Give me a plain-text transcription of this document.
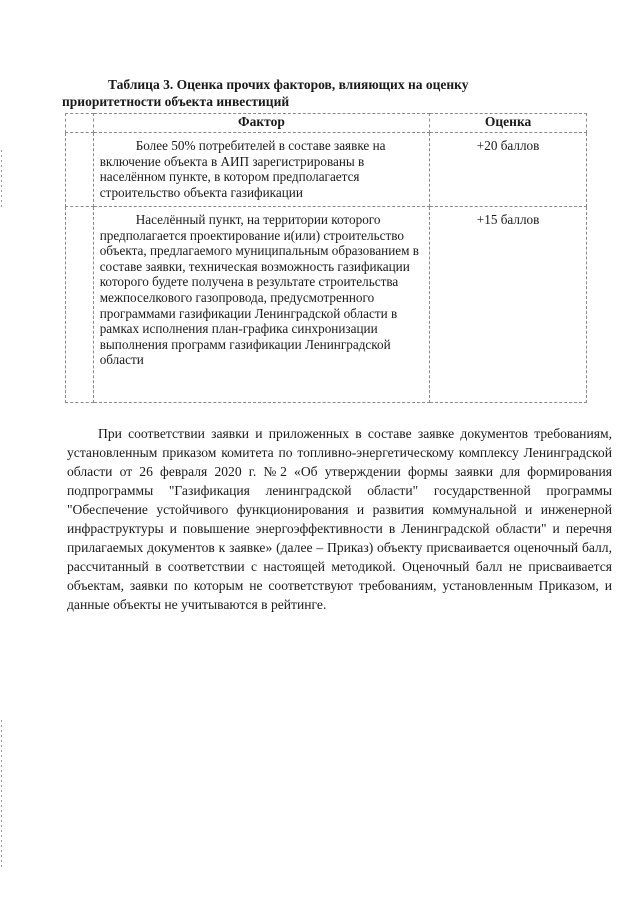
Таблица 3. Оценка прочих факторов, влияющих на оценку
приоритетности объекта инвестиций
	Фактор	Оценка
	Более 50% потребителей в составе заявке на включение объекта в АИП зарегистрированы в населённом пункте, в котором предполагается строительство объекта газификации	+20 баллов
	Населённый пункт, на территории которого предполагается проектирование и(или) строительство объекта, предлагаемого муниципальным образованием в составе заявки, техническая возможность газификации которого будете получена в результате строительства межпоселкового газопровода, предусмотренного программами газификации Ленинградской области в рамках исполнения план-графика синхронизации выполнения программ газификации Ленинградской области	+15 баллов

При соответствии заявки и приложенных в составе заявке документов требованиям, установленным приказом комитета по топливно-энергетическому комплексу Ленинградской области от 26 февраля 2020 г. №2 «Об утверждении формы заявки для формирования подпрограммы "Газификация ленинградской области" государственной программы "Обеспечение устойчивого функционирования и развития коммунальной и инженерной инфраструктуры и повышение энергоэффективности в Ленинградской области" и перечня прилагаемых документов к заявке» (далее – Приказ) объекту присваивается оценочный балл, рассчитанный в соответствии с настоящей методикой. Оценочный балл не присваивается объектам, заявки по которым не соответствуют требованиям, установленным Приказом, и данные объекты не учитываются в рейтинге.
